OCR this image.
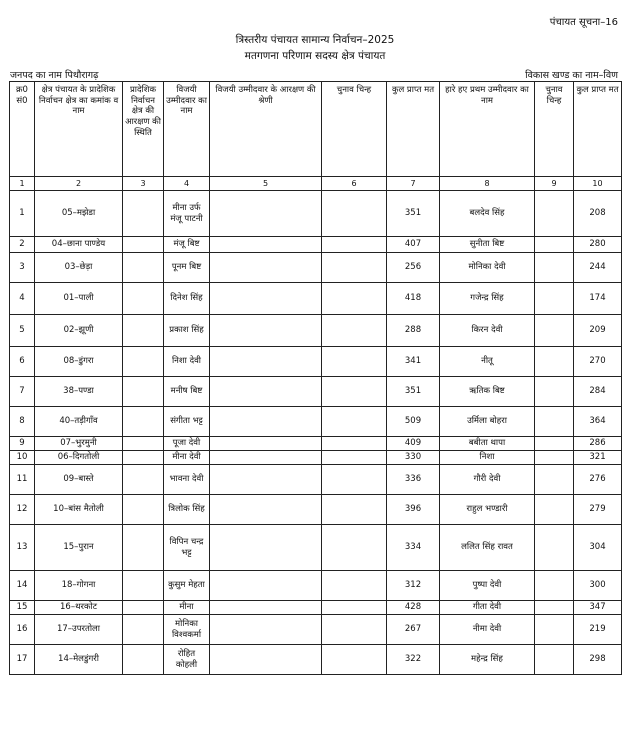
पंचायत सूचना–16
त्रिस्तरीय पंचायत सामान्य निर्वाचन–2025
मतगणना परिणाम सदस्य क्षेत्र पंचायत
जनपद का नाम पिथौरागढ़	विकास खण्ड का नाम–विण
क्र0 सं0	क्षेत्र पंचायत के प्रादेशिक निर्वाचन क्षेत्र का कमांक व नाम	प्रादेशिक निर्वाचन क्षेत्र की आरक्षण की स्थिति	विजयी उम्मीदवार का नाम	विजयी उम्मीदवार के आरक्षण की श्रेणी	चुनाव चिन्ह	कुल प्राप्त मत	हारे हए प्रथम उम्मीदवार का नाम	चुनाव चिन्ह	कुल प्राप्त मत
1	2	3	4	5	6	7	8	9	10
1	05–मझेडा		मीना उर्फ मंजू पाटनी			351	बलदेव सिंह		208
2	04–छाना पाण्डेय		मंजू बिष्ट			407	सुनीता बिष्ट		280
3	03–छेड़ा		पूनम बिष्ट			256	मोनिका देवी		244
4	01–पाली		दिनेश सिंह			418	गजेन्द्र सिंह		174
5	02–झूणी		प्रकाश सिंह			288	किरन देवी		209
6	08–डुंगरा		निशा देवी			341	नीतू		270
7	38–पण्डा		मनीष बिष्ट			351	ऋतिक बिष्ट		284
8	40–तड़ीगाँव		संगीता भट्ट			509	उर्मिला बोहरा		364
9	07–भुरमुनी		पूजा देवी			409	बबीता थापा		286
10	06–दिगतोली		मीना देवी			330	निशा		321
11	09–बास्ते		भावना देवी			336	गौरी देवी		276
12	10–बांस मैतोली		त्रिलोक सिंह			396	राहुल भण्डारी		279
13	15–पुरान		विपिन चन्द्र भट्ट			334	ललित सिंह रावत		304
14	18–गोगना		कुसुम मेहता			312	पुष्पा देवी		300
15	16–थरकोट		मीना			428	गीता देवी		347
16	17–उपरतोला		मोनिका विश्वकर्मा			267	नीमा देवी		219
17	14–मेलडुंगरी		रोहित कोहली			322	महेन्द्र सिंह		298
